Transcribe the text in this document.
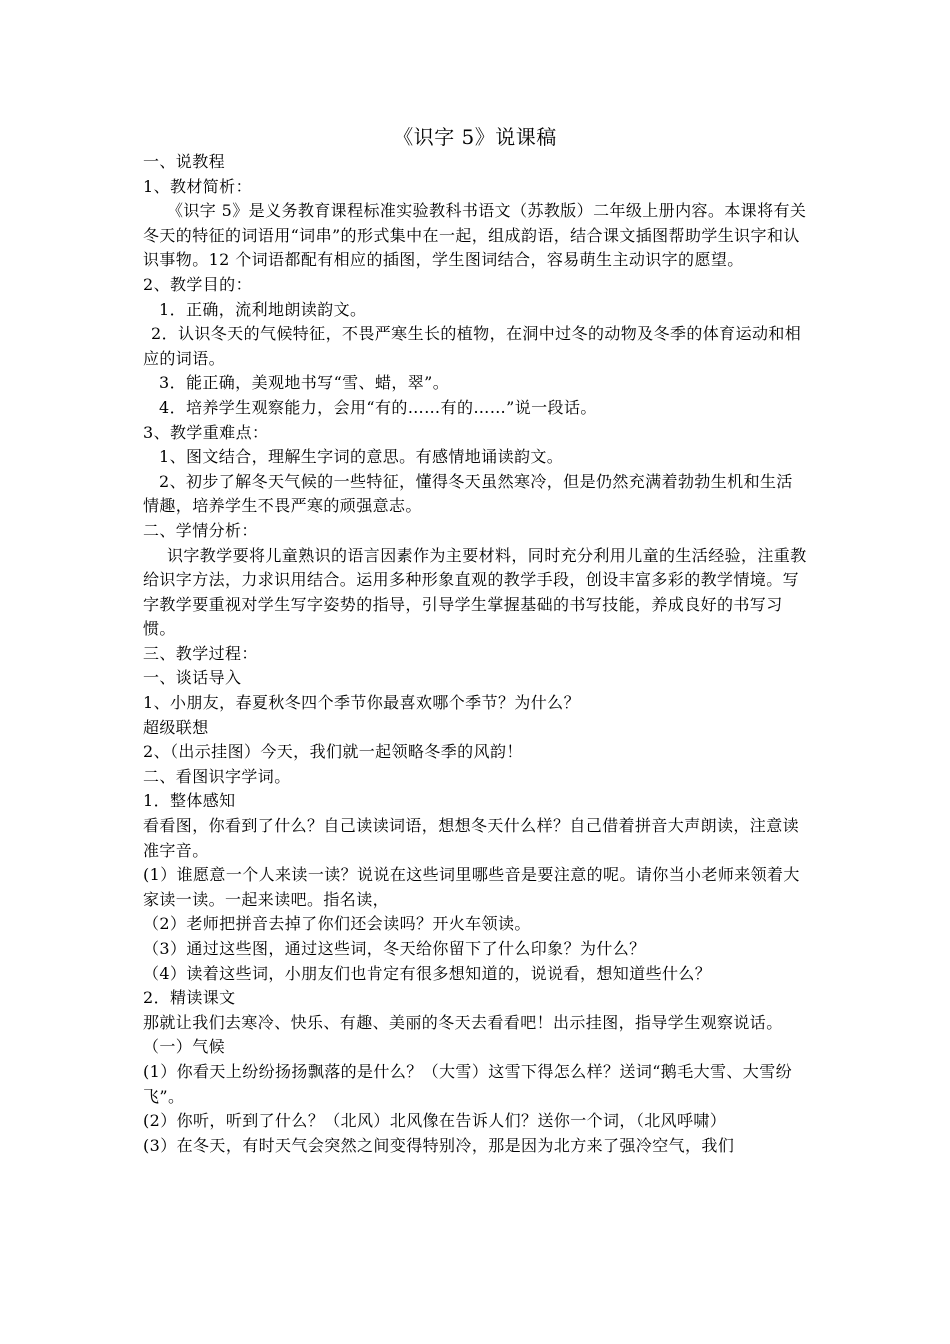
《识字 5》说课稿

一、说教程

1、教材简析：

《识字 5》是义务教育课程标准实验教科书语文（苏教版）二年级上册内容。本课将有关冬天的特征的词语用“词串”的形式集中在一起，组成韵语，结合课文插图帮助学生识字和认识事物。12 个词语都配有相应的插图，学生图词结合，容易萌生主动识字的愿望。

2、教学目的：

1．正确，流利地朗读韵文。

2．认识冬天的气候特征，不畏严寒生长的植物，在洞中过冬的动物及冬季的体育运动和相应的词语。

3．能正确，美观地书写“雪、蜡，翠”。

4．培养学生观察能力，会用“有的……有的……”说一段话。

3、教学重难点：

1、图文结合，理解生字词的意思。有感情地诵读韵文。

2、初步了解冬天气候的一些特征，懂得冬天虽然寒冷，但是仍然充满着勃勃生机和生活情趣，培养学生不畏严寒的顽强意志。

二、学情分析：

识字教学要将儿童熟识的语言因素作为主要材料，同时充分利用儿童的生活经验，注重教给识字方法，力求识用结合。运用多种形象直观的教学手段，创设丰富多彩的教学情境。写字教学要重视对学生写字姿势的指导，引导学生掌握基础的书写技能，养成良好的书写习惯。

三、教学过程：

一、谈话导入

1、小朋友，春夏秋冬四个季节你最喜欢哪个季节？为什么？

超级联想

2、（出示挂图）今天，我们就一起领略冬季的风韵！

二、看图识字学词。

1．整体感知

看看图，你看到了什么？自己读读词语，想想冬天什么样？自己借着拼音大声朗读，注意读准字音。

(1）谁愿意一个人来读一读？说说在这些词里哪些音是要注意的呢。请你当小老师来领着大家读一读。一起来读吧。指名读，

（2）老师把拼音去掉了你们还会读吗？开火车领读。

（3）通过这些图，通过这些词，冬天给你留下了什么印象？为什么？

（4）读着这些词，小朋友们也肯定有很多想知道的，说说看，想知道些什么？

2．精读课文

那就让我们去寒冷、快乐、有趣、美丽的冬天去看看吧！出示挂图，指导学生观察说话。

（一）气候

(1）你看天上纷纷扬扬飘落的是什么？（大雪）这雪下得怎么样？送词“鹅毛大雪、大雪纷飞”。

(2）你听，听到了什么？（北风）北风像在告诉人们？送你一个词，（北风呼啸）

(3）在冬天，有时天气会突然之间变得特别冷，那是因为北方来了强冷空气，我们
